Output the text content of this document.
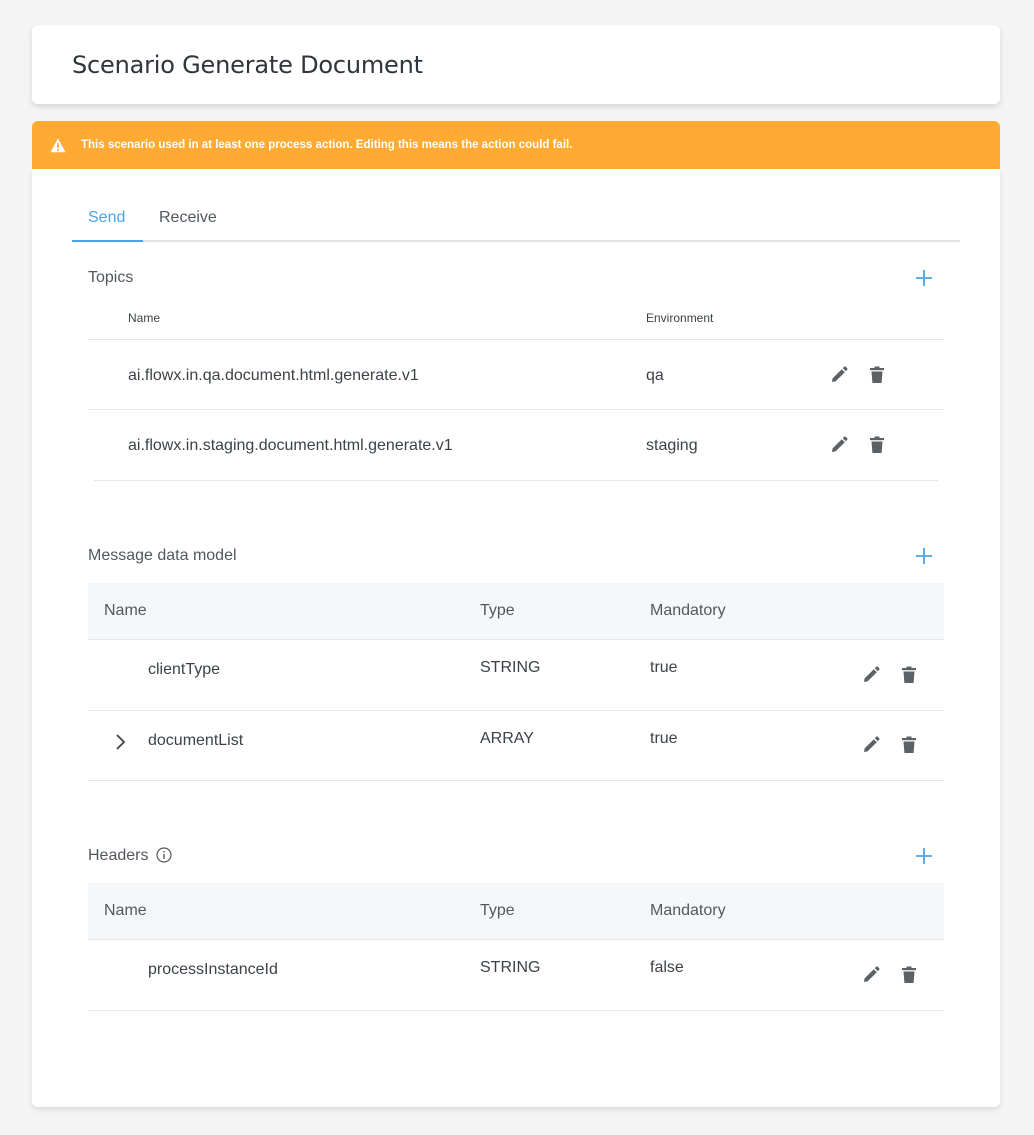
Scenario Generate Document
This scenario used in at least one process action. Editing this means the action could fail.
Send Receive
Topics
Name	Environment
ai.flowx.in.qa.document.html.generate.v1	qa
ai.flowx.in.staging.document.html.generate.v1	staging
Message data model
Name	Type	Mandatory
clientType	STRING	true
documentList	ARRAY	true
Headers
Name	Type	Mandatory
processInstanceId	STRING	false
